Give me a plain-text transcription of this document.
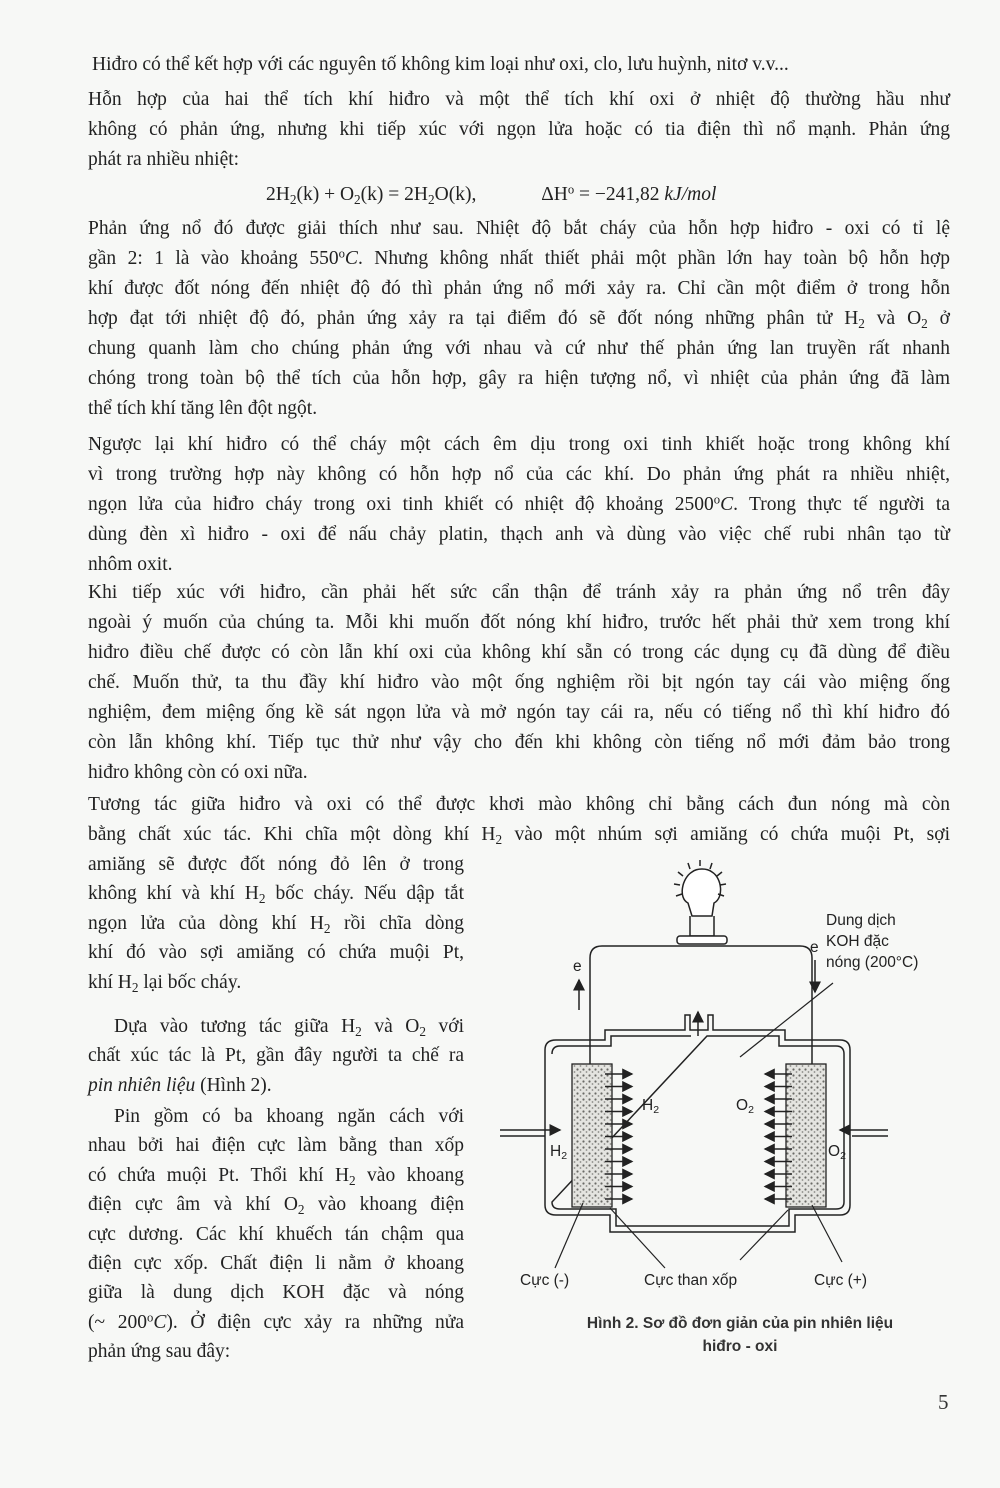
Hiđro có thể kết hợp với các nguyên tố không kim loại như oxi, clo, lưu huỳnh, nitơ v.v...
Hỗn hợp của hai thể tích khí hiđro và một thể tích khí oxi ở nhiệt độ thường hầu như
không có phản ứng, nhưng khi tiếp xúc với ngọn lửa hoặc có tia điện thì nổ mạnh. Phản ứng
phát ra nhiều nhiệt:
$2H_2(k) + O_2(k) = 2H_2O(k)$,	$\Delta H^o = -241,82$ kJ/mol
Phản ứng nổ đó được giải thích như sau. Nhiệt độ bắt cháy của hỗn hợp hiđro - oxi có tỉ lệ
gần 2: 1 là vào khoảng 550$^o$C. Nhưng không nhất thiết phải một phần lớn hay toàn bộ hỗn hợp
khí được đốt nóng đến nhiệt độ đó thì phản ứng nổ mới xảy ra. Chỉ cần một điểm ở trong hỗn
hợp đạt tới nhiệt độ đó, phản ứng xảy ra tại điểm đó sẽ đốt nóng những phân tử $H_2$ và $O_2$ ở
chung quanh làm cho chúng phản ứng với nhau và cứ như thế phản ứng lan truyền rất nhanh
chóng trong toàn bộ thể tích của hỗn hợp, gây ra hiện tượng nổ, vì nhiệt của phản ứng đã làm
thể tích khí tăng lên đột ngột.
Ngược lại khí hiđro có thể cháy một cách êm dịu trong oxi tinh khiết hoặc trong không khí
vì trong trường hợp này không có hỗn hợp nổ của các khí. Do phản ứng phát ra nhiều nhiệt,
ngọn lửa của hiđro cháy trong oxi tinh khiết có nhiệt độ khoảng 2500$^o$C. Trong thực tế người ta
dùng đèn xì hiđro - oxi để nấu chảy platin, thạch anh và dùng vào việc chế rubi nhân tạo từ
nhôm oxit.
Khi tiếp xúc với hiđro, cần phải hết sức cẩn thận để tránh xảy ra phản ứng nổ trên đây
ngoài ý muốn của chúng ta. Mỗi khi muốn đốt nóng khí hiđro, trước hết phải thử xem trong khí
hiđro điều chế được có còn lẫn khí oxi của không khí sẵn có trong các dụng cụ đã dùng để điều
chế. Muốn thử, ta thu đầy khí hiđro vào một ống nghiệm rồi bịt ngón tay cái vào miệng ống
nghiệm, đem miệng ống kề sát ngọn lửa và mở ngón tay cái ra, nếu có tiếng nổ thì khí hiđro đó
còn lẫn không khí. Tiếp tục thử như vậy cho đến khi không còn tiếng nổ mới đảm bảo trong
hiđro không còn có oxi nữa.
Tương tác giữa hiđro và oxi có thể được khơi mào không chỉ bằng cách đun nóng mà còn
bằng chất xúc tác. Khi chĩa một dòng khí $H_2$ vào một nhúm sợi amiăng có chứa muội Pt, sợi
amiăng sẽ được đốt nóng đỏ lên ở trong
không khí và khí $H_2$ bốc cháy. Nếu dập tắt
ngọn lửa của dòng khí $H_2$ rồi chĩa dòng
khí đó vào sợi amiăng có chứa muội Pt,
khí $H_2$ lại bốc cháy.
Dựa vào tương tác giữa $H_2$ và $O_2$ với
chất xúc tác là Pt, gần đây người ta chế ra
pin nhiên liệu (Hình 2).
Pin gồm có ba khoang ngăn cách với
nhau bởi hai điện cực làm bằng than xốp
có chứa muội Pt. Thổi khí $H_2$ vào khoang
điện cực âm và khí $O_2$ vào khoang điện
cực dương. Các khí khuếch tán chậm qua
điện cực xốp. Chất điện li nằm ở khoang
giữa là dung dịch KOH đặc và nóng
(~ 200$^o$C). Ở điện cực xảy ra những nửa
phản ứng sau đây:
Dung dịch
KOH đặc
nóng (200°C)
e
e
$H_2$	$O_2$
$H_2$	$O_2$
Cực (-)	Cực than xốp	Cực (+)
Hình 2. Sơ đồ đơn giản của pin nhiên liệu
hiđro - oxi
5
